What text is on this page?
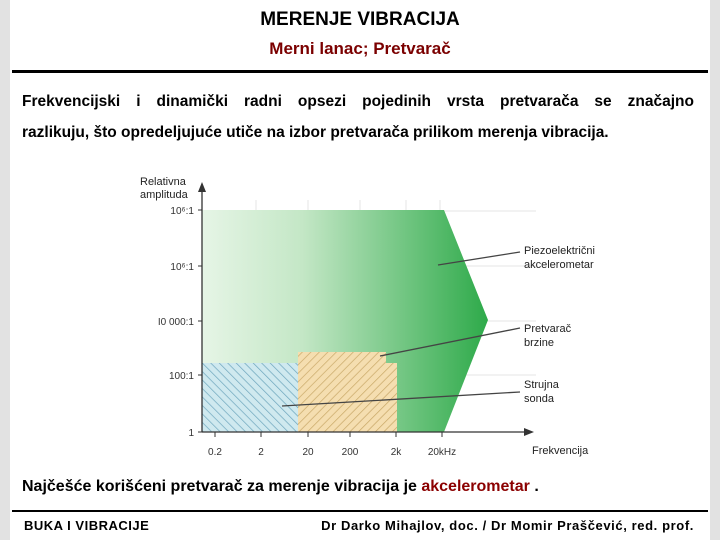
MERENJE VIBRACIJA
Merni lanac; Pretvarač
Frekvencijski i dinamički radni opsezi pojedinih vrsta pretvarača se značajno
razlikuju, što opredeljujuće utiče na izbor pretvarača prilikom merenja vibracija.
Relativna
amplituda
10⁶:1
10⁶:1
I0 000:1
100:1
1
0.2	2	20	200	2k	20kHz	Frekvencija
Piezoelektrični
akcelerometar
Pretvarač
brzine
Strujna
sonda
Najčešće korišćeni pretvarač za merenje vibracija je akcelerometar .
BUKA I VIBRACIJE	Dr Darko Mihajlov, doc. / Dr Momir Praščević, red. prof.
